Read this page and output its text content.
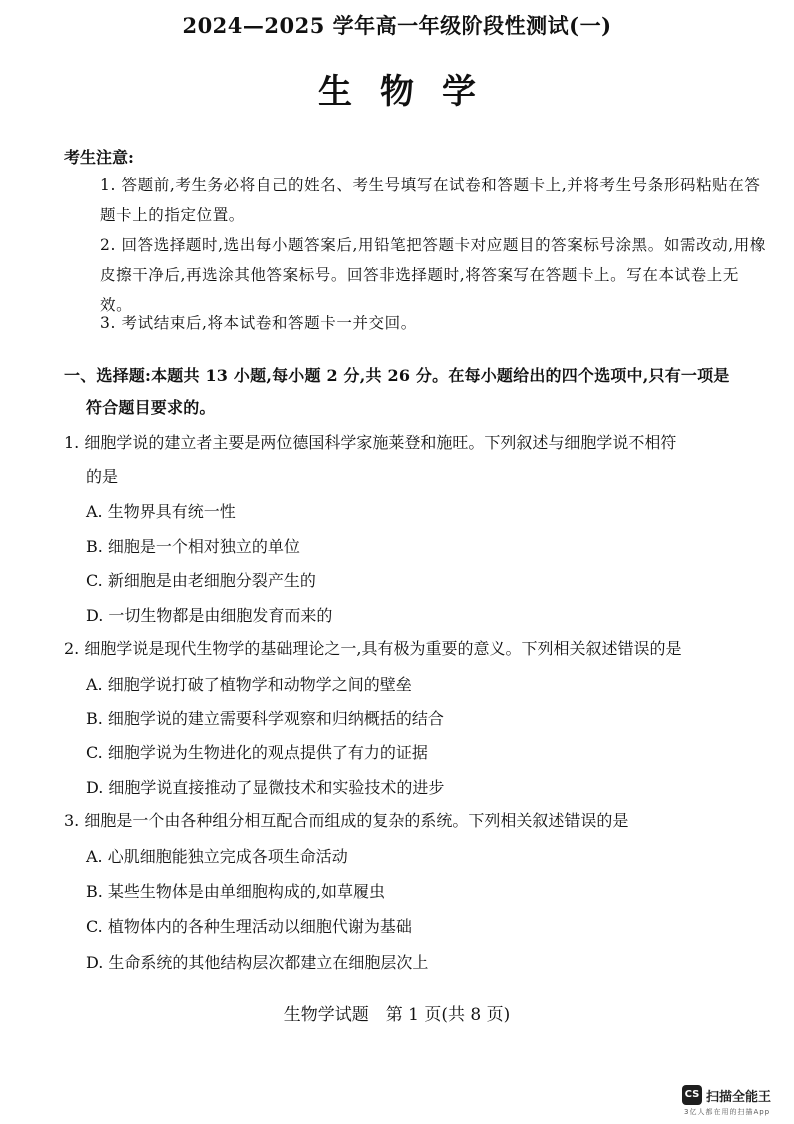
2024—2025 学年高一年级阶段性测试(一)
生物学
考生注意:
1. 答题前,考生务必将自己的姓名、考生号填写在试卷和答题卡上,并将考生号条形码粘贴在答题卡上的指定位置。
2. 回答选择题时,选出每小题答案后,用铅笔把答题卡对应题目的答案标号涂黑。如需改动,用橡皮擦干净后,再选涂其他答案标号。回答非选择题时,将答案写在答题卡上。写在本试卷上无效。
3. 考试结束后,将本试卷和答题卡一并交回。
一、选择题:本题共 13 小题,每小题 2 分,共 26 分。在每小题给出的四个选项中,只有一项是
符合题目要求的。
1. 细胞学说的建立者主要是两位德国科学家施莱登和施旺。下列叙述与细胞学说不相符
的是
A. 生物界具有统一性
B. 细胞是一个相对独立的单位
C. 新细胞是由老细胞分裂产生的
D. 一切生物都是由细胞发育而来的
2. 细胞学说是现代生物学的基础理论之一,具有极为重要的意义。下列相关叙述错误的是
A. 细胞学说打破了植物学和动物学之间的壁垒
B. 细胞学说的建立需要科学观察和归纳概括的结合
C. 细胞学说为生物进化的观点提供了有力的证据
D. 细胞学说直接推动了显微技术和实验技术的进步
3. 细胞是一个由各种组分相互配合而组成的复杂的系统。下列相关叙述错误的是
A. 心肌细胞能独立完成各项生命活动
B. 某些生物体是由单细胞构成的,如草履虫
C. 植物体内的各种生理活动以细胞代谢为基础
D. 生命系统的其他结构层次都建立在细胞层次上
生物学试题　第 1 页(共 8 页)
CS 扫描全能王
3亿人都在用的扫描App
